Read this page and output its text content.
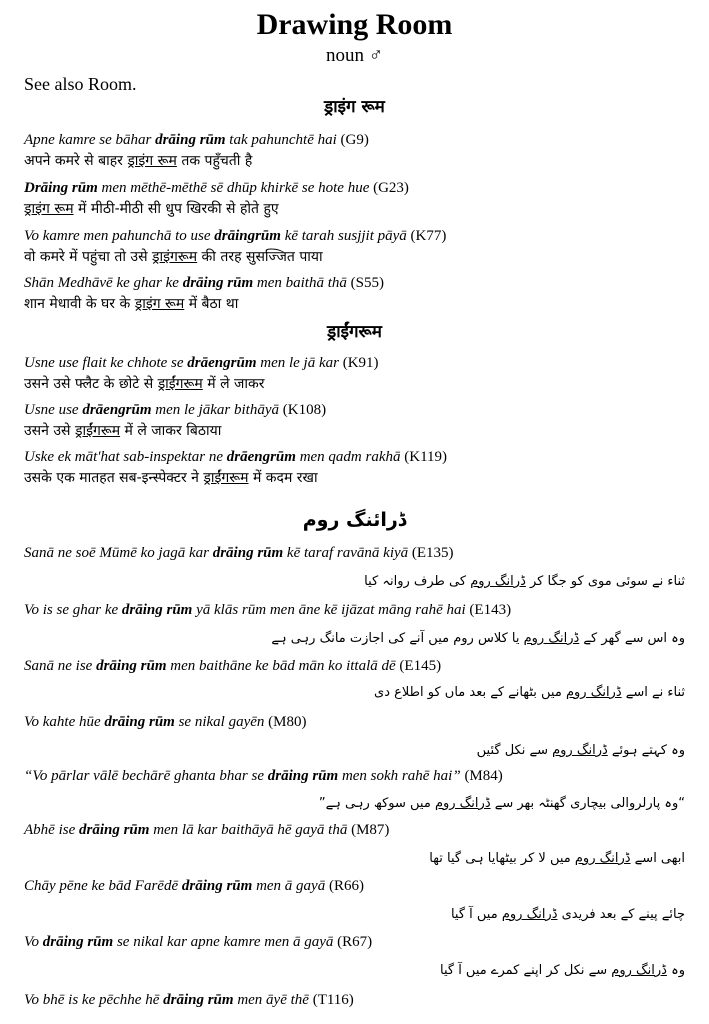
Drawing Room
noun ♂
See also Room.
ड्राइंग रूम
Apne kamre se bāhar drāing rūm tak pahunchtē hai (G9)
अपने कमरे से बाहर ड्राइंग रूम तक पहुँचती है
Drāing rūm men mēthē-mēthē sē dhūp khirkē se hote hue (G23)
ड्राइंग रूम में मीठी-मीठी सी धुप खिरकी से होते हुए
Vo kamre men pahunchā to use drāingrūm kē tarah susjjit pāyā (K77)
वो कमरे में पहुंचा तो उसे ड्राइंगरूम की तरह सुसज्जित पाया
Shān Medhāvē ke ghar ke drāing rūm men baithā thā (S55)
शान मेधावी के घर के ड्राइंग रूम में बैठा था
ड्राईंगरूम
Usne use flait ke chhote se drāengrūm men le jā kar (K91)
उसने उसे फ्लैट के छोटे से ड्राईंगरूम में ले जाकर
Usne use drāengrūm men le jākar bithāyā (K108)
उसने उसे ड्राईंगरूम में ले जाकर बिठाया
Uske ek māt'hat sab-inspektar ne drāengrūm men qadm rakhā (K119)
उसके एक मातहत सब-इन्स्पेक्टर ने ड्राईंगरूम में कदम रखा
ڈرائنگ روم
Sanā ne soē Mūmē ko jagā kar drāing rūm kē taraf ravānā kiyā (E135)
ثناء نے سوئی موی کو جگا کر ڈرانگ روم کی طرف روانہ کیا
Vo is se ghar ke drāing rūm yā klās rūm men āne kē ijāzat māng rahē hai (E143)
وہ اس سے گھر کے ڈرانگ روم یا کلاس روم میں آنے کی اجازت مانگ رہی ہے
Sanā ne ise drāing rūm men baithāne ke bād mān ko ittalā dē (E145)
ثناء نے اسے ڈرانگ روم میں بٹھانے کے بعد ماں کو اطلاع دی
Vo kahte hūe drāing rūm se nikal gayēn (M80)
وہ کہتے ہوئے ڈرانگ روم سے نکل گئیں
“Vo pārlar vālē bechārē ghanta bhar se drāing rūm men sokh rahē hai” (M84)
“وہ پارلروالی بیچاری گھنٹہ بھر سے ڈرانگ روم میں سوکھ رہی ہے”
Abhē ise drāing rūm men lā kar baithāyā hē gayā thā (M87)
ابھی اسے ڈرانگ روم میں لا کر بیٹھایا ہی گیا تھا
Chāy pēne ke bād Farēdē drāing rūm men ā gayā (R66)
چائے پینے کے بعد فریدی ڈرانگ روم میں آ گیا
Vo drāing rūm se nikal kar apne kamre men ā gayā (R67)
وہ ڈرانگ روم سے نکل کر اپنے کمرے میں آ گیا
Vo bhē is ke pēchhe hē drāing rūm men āyē thē (T116)
